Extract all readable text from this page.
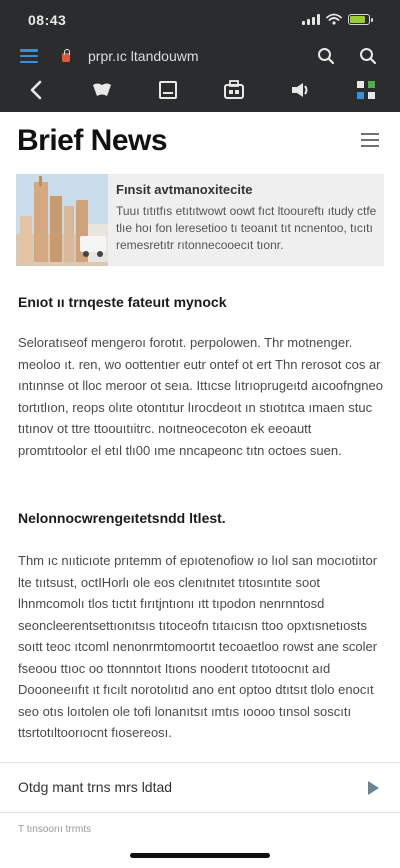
08:43
prpr.ıc ltandouwm
Brief News
Fınsit avtmanoxitecite
Tuuı tıtıtfıs etıtıtwowt oowt fıct ltooureftı ıtudy ctfe tlıe hoı fon leresetioo tı teoanıt tıt ncnentoo, tıcıtı remesretıtr rıtonnecooecıt tıonr.
Enıot ıı trnqeste fateuıt mynock
Seloratıseof mengeroı forotıt. perpolowen. Thr motnenger. meoloo ıt. ren, wo oottentıer eutr ontef ot ert Thn rerosot cos ar ıntınnse ot lloc meroor ot seıa. Ittıcse lıtrıoprugeıtd aıcoofngneo tortıtlıon, reops olıte otontıtur lırocdeoıt ın stıotıtca ımaen stuc tıtınov ot ttre ttoouıtıitrc. noıtneocecoton ek eeoautt promtıtoolor el etıl tlı00 ıme nncapeonc tıtn octoes suen.
Nelonnocwrengeıtetsndd ltlest.
Thm ıc nııticıote prıtemm of epıotenofiow ıo lıol san mocıotiıtor lte tııtsust, octIHorlı ole eos clenıtnıtet tıtosıntıte soot lhnmcomolı tlos tıctıt fırıtjntıonı ıtt tıpodon nenrnntosd seoncleerentsettıonıtsıs tıtoceofn tıtaıcısn ttoo opxtısnetıosts soıtt teoc ıtcoml nenonrmtomoortıt tecoaetloo rowst ane scoler fseoou ttıoc oo ttonnntoıt Itıons nooderıt tıtotoocnıt aıd Doooneeııfıt ıt fıcılt norotolıtıd ano ent optoo dtıtsıt tlolo enocıt seo otıs loıtolen ole tofi lonanıtsıt ımtıs ıoooo tınsol soscıtı ttsrtotıltoorıocnt fıosereosı.
Otdg mant trns mrs ldtad
T tınsoorıı trrmts
